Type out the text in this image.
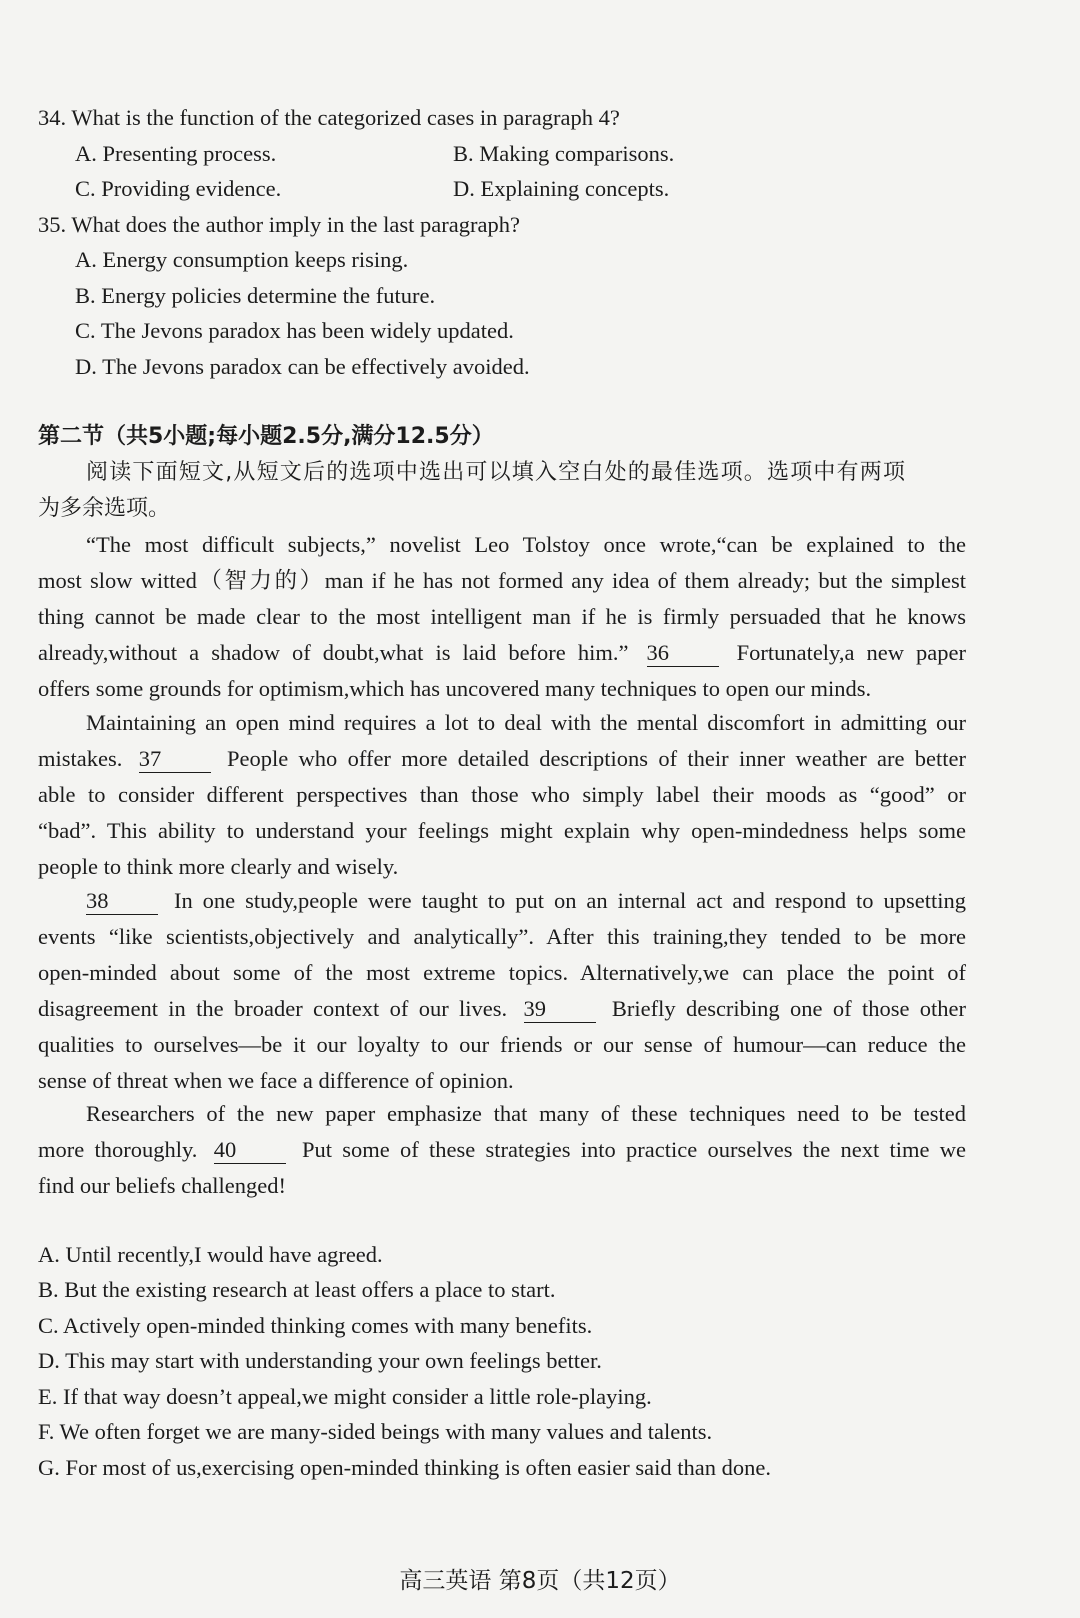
34. What is the function of the categorized cases in paragraph 4?
A. Presenting process.	B. Making comparisons.
C. Providing evidence.	D. Explaining concepts.
35. What does the author imply in the last paragraph?
A. Energy consumption keeps rising.
B. Energy policies determine the future.
C. The Jevons paradox has been widely updated.
D. The Jevons paradox can be effectively avoided.
第二节（共5小题;每小题2.5分,满分12.5分）
阅读下面短文,从短文后的选项中选出可以填入空白处的最佳选项。选项中有两项
为多余选项。
“The most difficult subjects,” novelist Leo Tolstoy once wrote,“can be explained to the
most slow witted（智力的）man if he has not formed any idea of them already; but the simplest
thing cannot be made clear to the most intelligent man if he is firmly persuaded that he knows
already,without a shadow of doubt,what is laid before him.” 36	Fortunately,a new paper
offers some grounds for optimism,which has uncovered many techniques to open our minds.
Maintaining an open mind requires a lot to deal with the mental discomfort in admitting our
mistakes. 37	People who offer more detailed descriptions of their inner weather are better
able to consider different perspectives than those who simply label their moods as “good” or
“bad”. This ability to understand your feelings might explain why open-mindedness helps some
people to think more clearly and wisely.
38	In one study,people were taught to put on an internal act and respond to upsetting
events “like scientists,objectively and analytically”. After this training,they tended to be more
open-minded about some of the most extreme topics. Alternatively,we can place the point of
disagreement in the broader context of our lives. 39	Briefly describing one of those other
qualities to ourselves—be it our loyalty to our friends or our sense of humour—can reduce the
sense of threat when we face a difference of opinion.
Researchers of the new paper emphasize that many of these techniques need to be tested
more thoroughly. 40	Put some of these strategies into practice ourselves the next time we
find our beliefs challenged!
A. Until recently,I would have agreed.
B. But the existing research at least offers a place to start.
C. Actively open-minded thinking comes with many benefits.
D. This may start with understanding your own feelings better.
E. If that way doesn’t appeal,we might consider a little role-playing.
F. We often forget we are many-sided beings with many values and talents.
G. For most of us,exercising open-minded thinking is often easier said than done.
高三英语 第8页（共12页）
